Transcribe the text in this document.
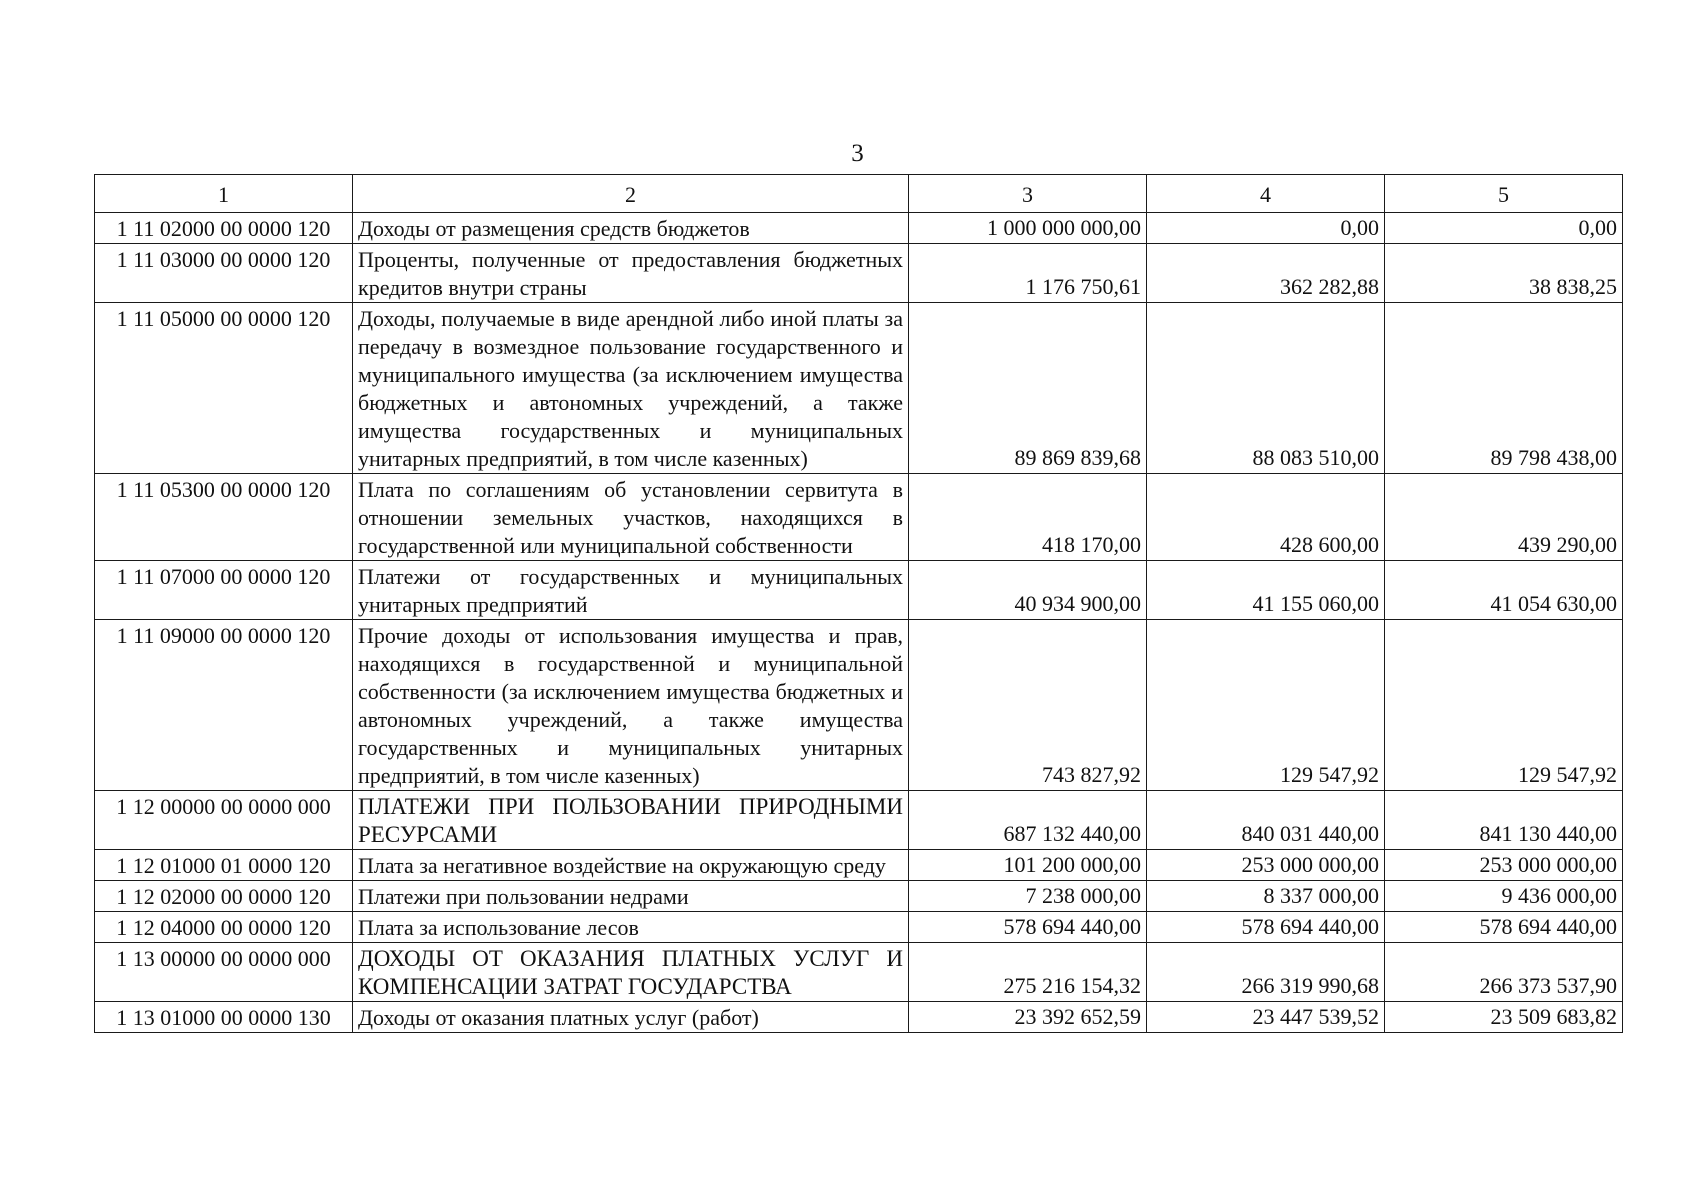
3
1	2	3	4	5
1 11 02000 00 0000 120	Доходы от размещения средств бюджетов	1 000 000 000,00	0,00	0,00
1 11 03000 00 0000 120	Проценты, полученные от предоставления бюджетных кредитов внутри страны	1 176 750,61	362 282,88	38 838,25
1 11 05000 00 0000 120	Доходы, получаемые в виде арендной либо иной платы за передачу в возмездное пользование государственного и муниципального имущества (за исключением имущества бюджетных и автономных учреждений, а также имущества государственных и муниципальных унитарных предприятий, в том числе казенных)	89 869 839,68	88 083 510,00	89 798 438,00
1 11 05300 00 0000 120	Плата по соглашениям об установлении сервитута в отношении земельных участков, находящихся в государственной или муниципальной собственности	418 170,00	428 600,00	439 290,00
1 11 07000 00 0000 120	Платежи от государственных и муниципальных унитарных предприятий	40 934 900,00	41 155 060,00	41 054 630,00
1 11 09000 00 0000 120	Прочие доходы от использования имущества и прав, находящихся в государственной и муниципальной собственности (за исключением имущества бюджетных и автономных учреждений, а также имущества государственных и муниципальных унитарных предприятий, в том числе казенных)	743 827,92	129 547,92	129 547,92
1 12 00000 00 0000 000	ПЛАТЕЖИ ПРИ ПОЛЬЗОВАНИИ ПРИРОДНЫМИ РЕСУРСАМИ	687 132 440,00	840 031 440,00	841 130 440,00
1 12 01000 01 0000 120	Плата за негативное воздействие на окружающую среду	101 200 000,00	253 000 000,00	253 000 000,00
1 12 02000 00 0000 120	Платежи при пользовании недрами	7 238 000,00	8 337 000,00	9 436 000,00
1 12 04000 00 0000 120	Плата за использование лесов	578 694 440,00	578 694 440,00	578 694 440,00
1 13 00000 00 0000 000	ДОХОДЫ ОТ ОКАЗАНИЯ ПЛАТНЫХ УСЛУГ И КОМПЕНСАЦИИ ЗАТРАТ ГОСУДАРСТВА	275 216 154,32	266 319 990,68	266 373 537,90
1 13 01000 00 0000 130	Доходы от оказания платных услуг (работ)	23 392 652,59	23 447 539,52	23 509 683,82
